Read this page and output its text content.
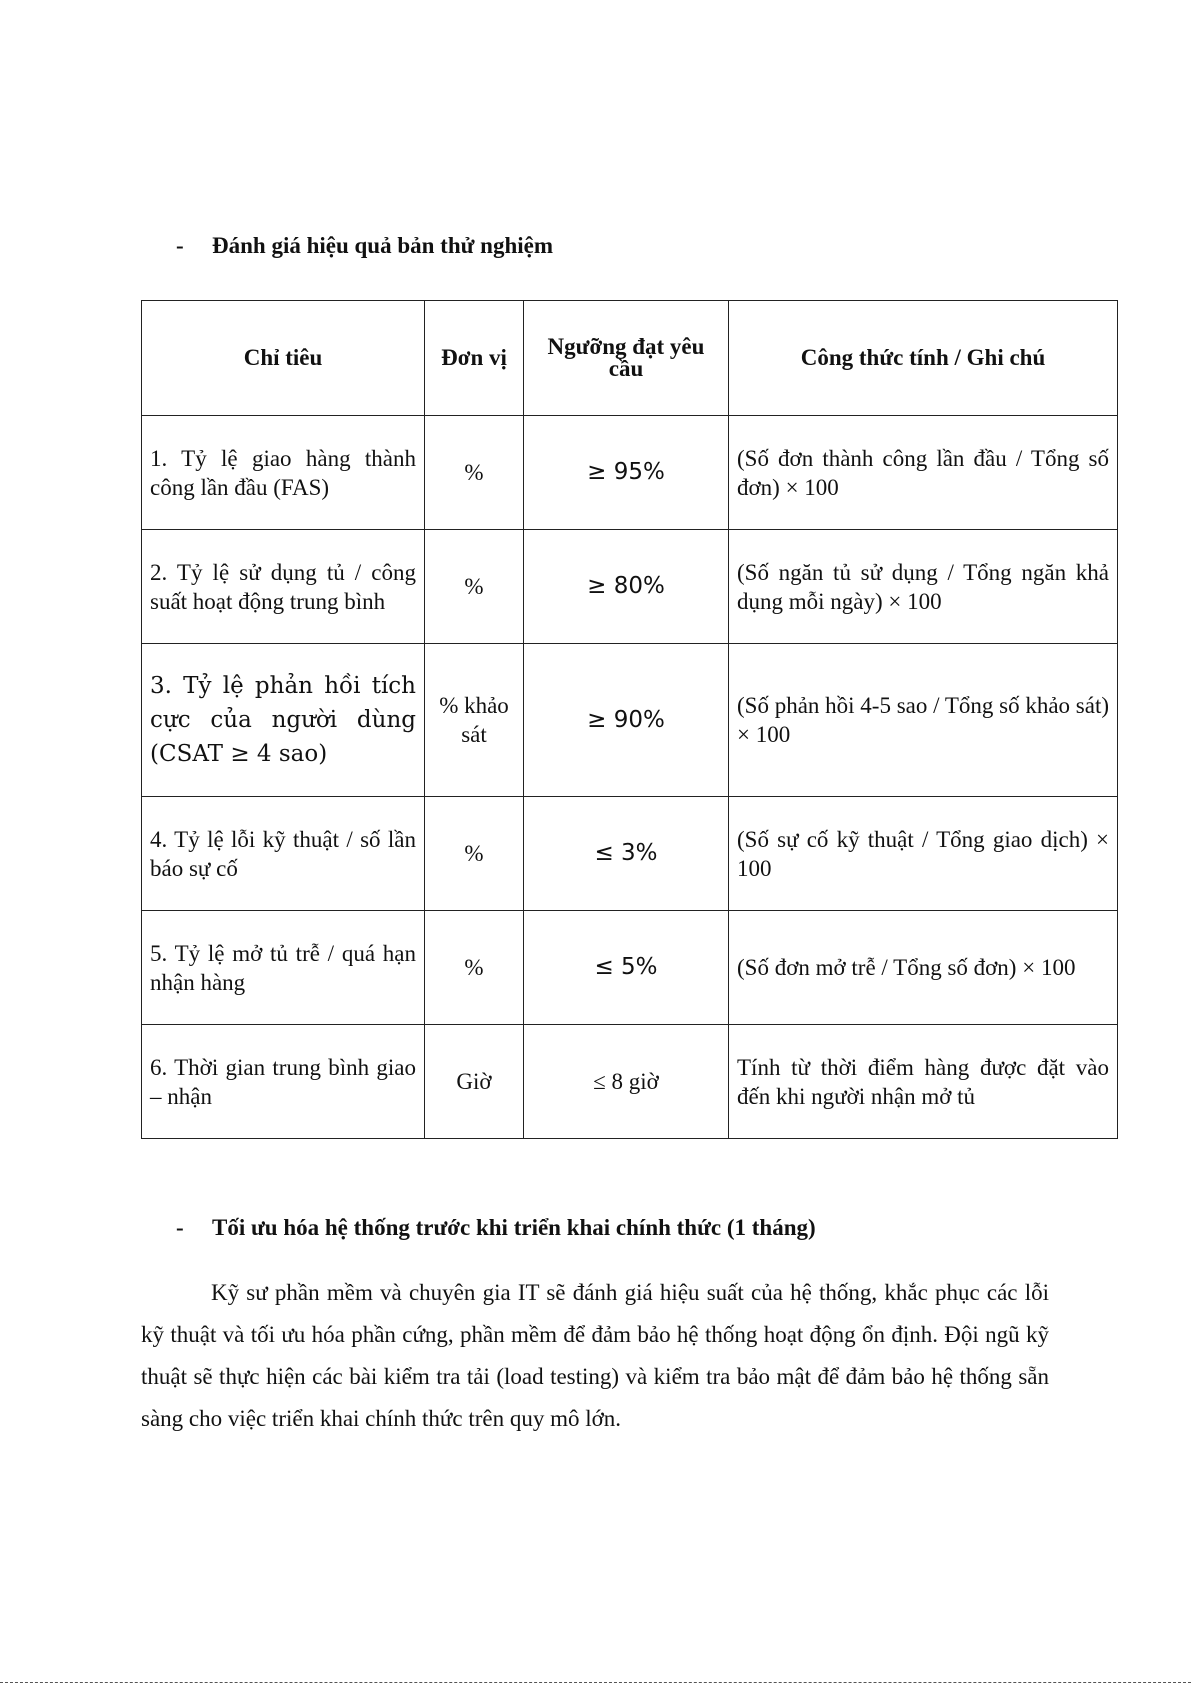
- Đánh giá hiệu quả bản thử nghiệm
Chỉ tiêu	Đơn vị	Ngưỡng đạt yêu cầu	Công thức tính / Ghi chú
1. Tỷ lệ giao hàng thành công lần đầu (FAS)	%	≥ 95%	(Số đơn thành công lần đầu / Tổng số đơn) × 100
2. Tỷ lệ sử dụng tủ / công suất hoạt động trung bình	%	≥ 80%	(Số ngăn tủ sử dụng / Tổng ngăn khả dụng mỗi ngày) × 100
3. Tỷ lệ phản hồi tích cực của người dùng (CSAT ≥ 4 sao)	% khảo sát	≥ 90%	(Số phản hồi 4-5 sao / Tổng số khảo sát) × 100
4. Tỷ lệ lỗi kỹ thuật / số lần báo sự cố	%	≤ 3%	(Số sự cố kỹ thuật / Tổng giao dịch) × 100
5. Tỷ lệ mở tủ trễ / quá hạn nhận hàng	%	≤ 5%	(Số đơn mở trễ / Tổng số đơn) × 100
6. Thời gian trung bình giao – nhận	Giờ	≤ 8 giờ	Tính từ thời điểm hàng được đặt vào đến khi người nhận mở tủ
- Tối ưu hóa hệ thống trước khi triển khai chính thức (1 tháng)

Kỹ sư phần mềm và chuyên gia IT sẽ đánh giá hiệu suất của hệ thống, khắc phục các lỗi kỹ thuật và tối ưu hóa phần cứng, phần mềm để đảm bảo hệ thống hoạt động ổn định. Đội ngũ kỹ thuật sẽ thực hiện các bài kiểm tra tải (load testing) và kiểm tra bảo mật để đảm bảo hệ thống sẵn sàng cho việc triển khai chính thức trên quy mô lớn.
